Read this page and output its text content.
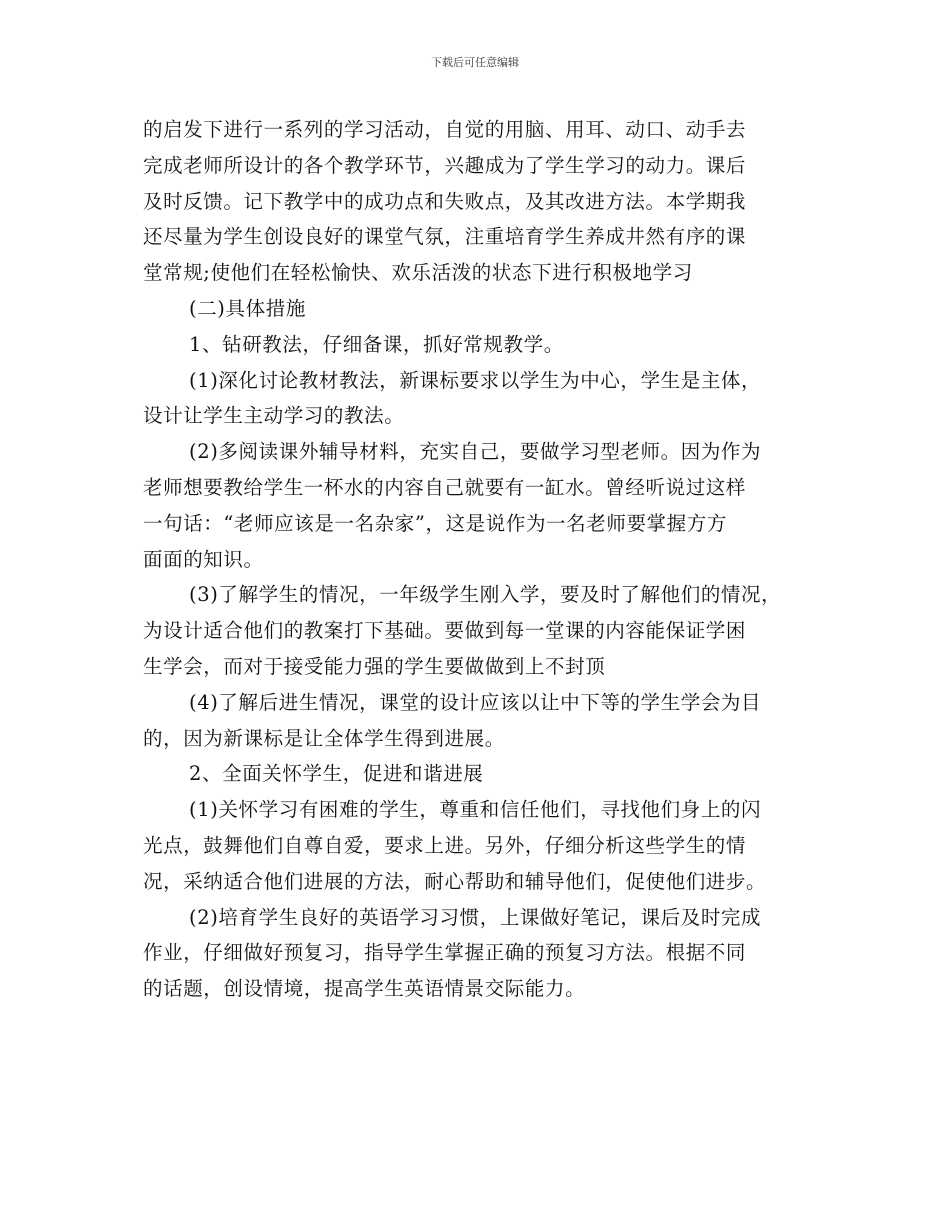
下载后可任意编辑
的启发下进行一系列的学习活动，自觉的用脑、用耳、动口、动手去
完成老师所设计的各个教学环节，兴趣成为了学生学习的动力。课后
及时反馈。记下教学中的成功点和失败点，及其改进方法。本学期我
还尽量为学生创设良好的课堂气氛，注重培育学生养成井然有序的课
堂常规;使他们在轻松愉快、欢乐活泼的状态下进行积极地学习
(二)具体措施
1、钻研教法，仔细备课，抓好常规教学。
(1)深化讨论教材教法，新课标要求以学生为中心，学生是主体，
设计让学生主动学习的教法。
(2)多阅读课外辅导材料，充实自己，要做学习型老师。因为作为
老师想要教给学生一杯水的内容自己就要有一缸水。曾经听说过这样
一句话：“老师应该是一名杂家”，这是说作为一名老师要掌握方方
面面的知识。
(3)了解学生的情况，一年级学生刚入学，要及时了解他们的情况，
为设计适合他们的教案打下基础。要做到每一堂课的内容能保证学困
生学会，而对于接受能力强的学生要做做到上不封顶
(4)了解后进生情况，课堂的设计应该以让中下等的学生学会为目
的，因为新课标是让全体学生得到进展。
2、全面关怀学生，促进和谐进展
(1)关怀学习有困难的学生，尊重和信任他们，寻找他们身上的闪
光点，鼓舞他们自尊自爱，要求上进。另外，仔细分析这些学生的情
况，采纳适合他们进展的方法，耐心帮助和辅导他们，促使他们进步。
(2)培育学生良好的英语学习习惯，上课做好笔记，课后及时完成
作业，仔细做好预复习，指导学生掌握正确的预复习方法。根据不同
的话题，创设情境，提高学生英语情景交际能力。
